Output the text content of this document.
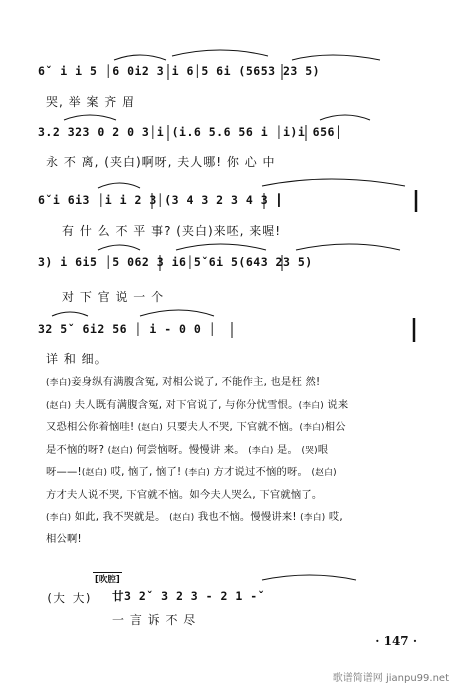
6ˇ i i 5 │6 0i2 3 i 6│5 6i (5653 23 5)
哭, 举 案 齐 眉
3.2 323 0 2 0 3│i (i.6 5.6 56 i │i)i 656│
永 不 离, (夹白)啊呀, 夫人哪! 你 心 中
6ˇi 6i3 │i i 2 3│(3 4 3 2 3 4 3 ┃
有 什 么 不 平 事? (夹白)来呸, 来喔!
3) i 6i5 │5 062 3 i6│5ˇ6i 5(643 23 5)
对 下 官 说 一 个
32 5ˇ 6i2 56 │ i - 0 0 │
详 和 细。

(李白)妾身纵有满腹含冤, 对相公说了, 不能作主, 也是枉 然!

(赵白) 夫人既有满腹含冤, 对下官说了, 与你分忧雪恨。(李白) 说来

又恐相公你着恼哇! (赵白) 只要夫人不哭, 下官就不恼。(李白)相公

是不恼的呀? (赵白) 何尝恼呀。慢慢讲 来。 (李白) 是。 (哭)哏

呀——!(赵白) 哎, 恼了, 恼了! (李白) 方才说过不恼的呀。 (赵白)

方才夫人说不哭, 下官就不恼。如今夫人哭么, 下官就恼了。

(李白) 如此, 我不哭就是。 (赵白) 我也不恼。慢慢讲来! (李白) 哎,

相公啊!

[吹腔]
(大 大)	廿3 2ˇ 3 2 3 - 2 1 -ˇ
一 言 诉 不 尽
· 147 ·
歌谱简谱网 jianpu99.net
